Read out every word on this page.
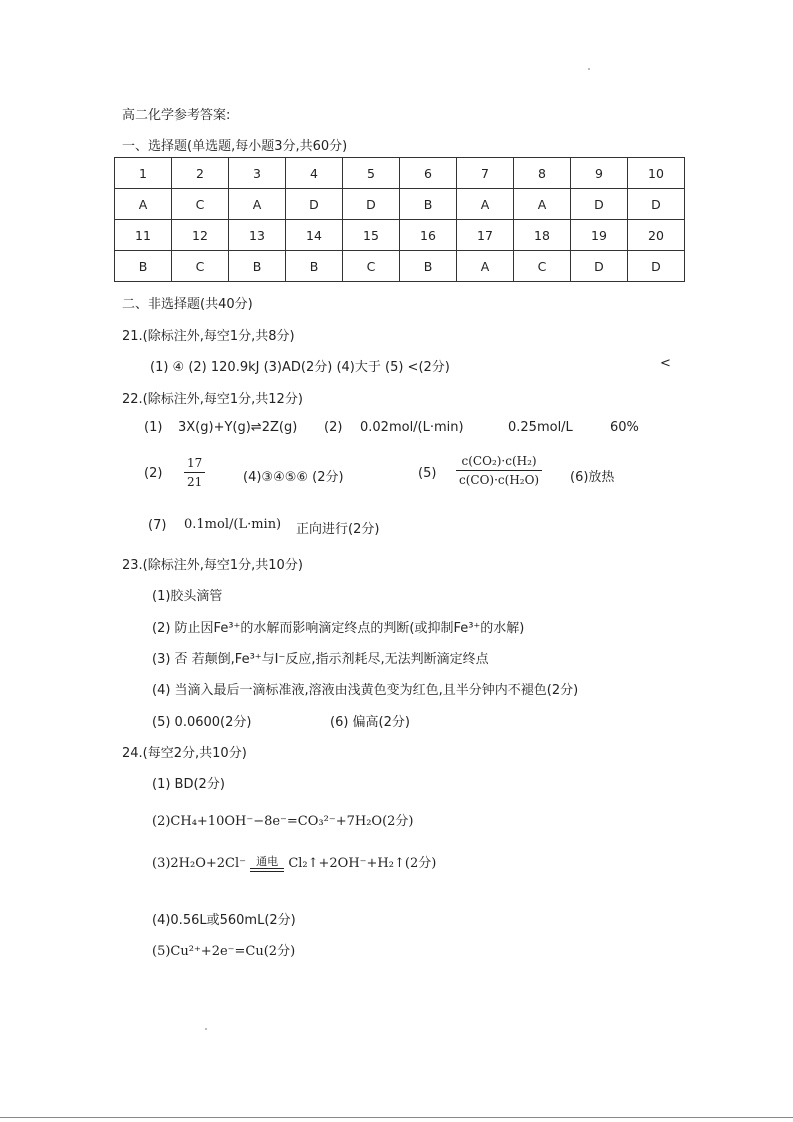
高二化学参考答案:
一、选择题(单选题,每小题3分,共60分)
1	2	3	4	5	6	7	8	9	10
A	C	A	D	D	B	A	A	D	D
11	12	13	14	15	16	17	18	19	20
B	C	B	B	C	B	A	C	D	D
二、非选择题(共40分)
21.(除标注外,每空1分,共8分)
(1) ④ (2) 120.9kJ (3)AD(2分) (4)大于 (5) <(2分)	<
22.(除标注外,每空1分,共12分)
(1) 3X(g)+Y(g)⇌2Z(g) (2) 0.02mol/(L·min)	0.25mol/L	60%
$(2) \frac{17}{21}$	(4)③④⑤⑥ (2分)	$(5) \frac{\text{c(CO₂)·c(H₂)}}{\text{c(CO)·c(H₂O)}} (6)$放热
(7) 0.1mol/(L·min) 正向进行(2分)
23.(除标注外,每空1分,共10分)
(1)胶头滴管
(2) 防止因Fe³⁺的水解而影响滴定终点的判断(或抑制Fe³⁺的水解)
(3) 否 若颠倒,Fe³⁺与I⁻反应,指示剂耗尽,无法判断滴定终点
(4) 当滴入最后一滴标准液,溶液由浅黄色变为红色,且半分钟内不褪色(2分)
(5) 0.0600(2分)	(6) 偏高(2分)
24.(每空2分,共10分)
(1) BD(2分)
(2)CH₄+10OH⁻−8e⁻=CO₃²⁻+7H₂O(2分)
(3)2H₂O+2Cl⁻ 通电 Cl₂↑+2OH⁻+H₂↑(2分)
(4)0.56L或560mL(2分)
(5)Cu²⁺+2e⁻=Cu(2分)
